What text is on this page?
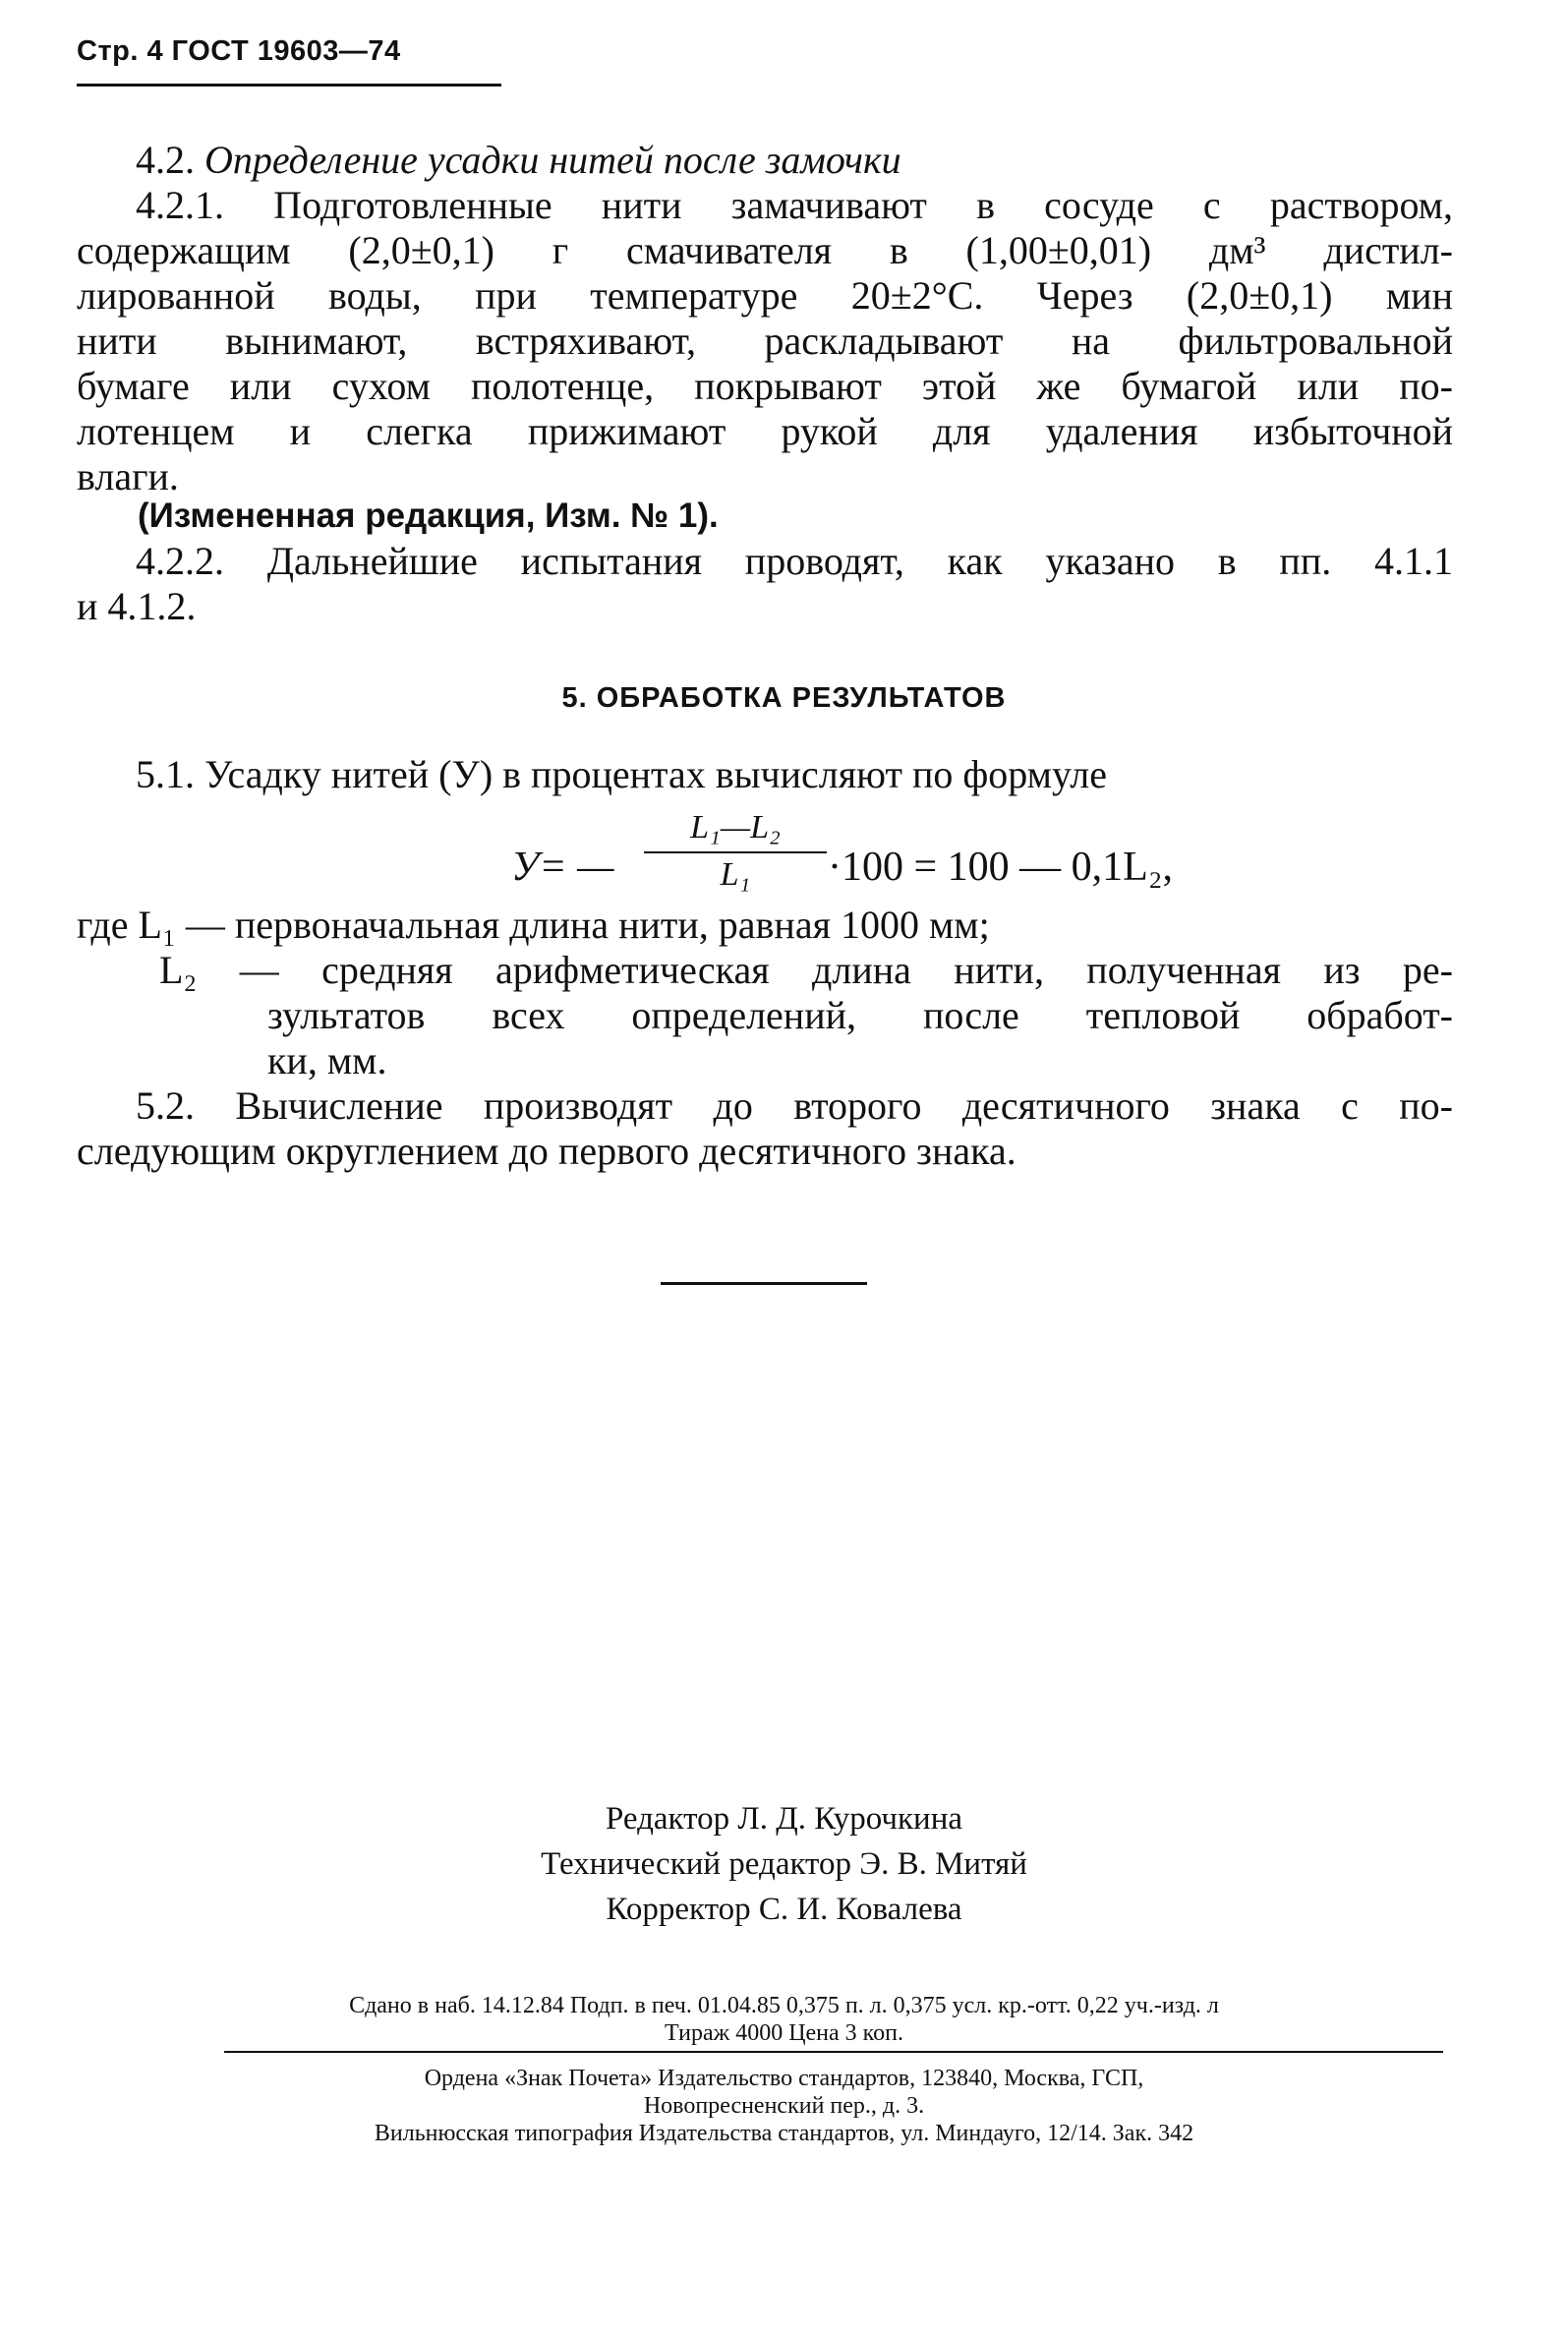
Стр. 4 ГОСТ 19603—74
4.2. Определение усадки нитей после замочки
4.2.1. Подготовленные нити замачивают в сосуде с раствором,
содержащим (2,0±0,1) г смачивателя в (1,00±0,01) дм³ дистил-
лированной воды, при температуре 20±2°С. Через (2,0±0,1) мин
нити вынимают, встряхивают, раскладывают на фильтровальной
бумаге или сухом полотенце, покрывают этой же бумагой или по-
лотенцем и слегка прижимают рукой для удаления избыточной
влаги.
(Измененная редакция, Изм. № 1).
4.2.2. Дальнейшие испытания проводят, как указано в пп. 4.1.1
и 4.1.2.
5. ОБРАБОТКА РЕЗУЛЬТАТОВ
5.1. Усадку нитей (У) в процентах вычисляют по формуле
У= —
L₁—L₂
L₁	·100 = 100 — 0,1L₂,
где L₁ — первоначальная длина нити, равная 1000 мм;
L₂ — средняя арифметическая длина нити, полученная из ре-
зультатов всех определений, после тепловой обработ-
ки, мм.
5.2. Вычисление производят до второго десятичного знака с по-
следующим округлением до первого десятичного знака.
Редактор Л. Д. Курочкина
Технический редактор Э. В. Митяй
Корректор С. И. Ковалева
Сдано в наб. 14.12.84 Подп. в печ. 01.04.85 0,375 п. л. 0,375 усл. кр.-отт. 0,22 уч.-изд. л
Тираж 4000 Цена 3 коп.
Ордена «Знак Почета» Издательство стандартов, 123840, Москва, ГСП,
Новопресненский пер., д. 3.
Вильнюсская типография Издательства стандартов, ул. Миндауго, 12/14. Зак. 342
